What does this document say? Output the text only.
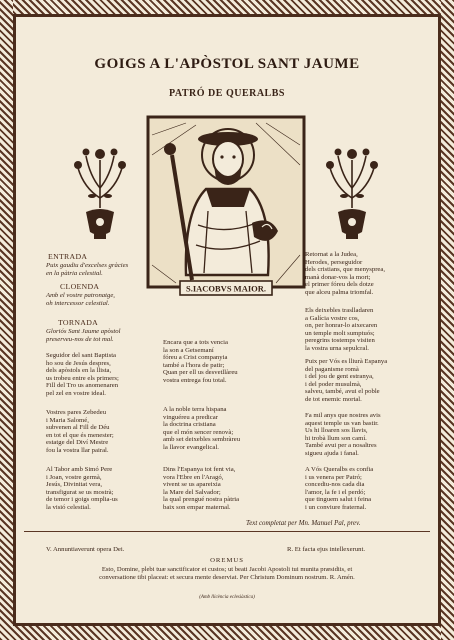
GOIGS A L'APÒSTOL SANT JAUME
PATRÓ DE QUERALBS
S.IACOBVS MAIOR.
ENTRADA
Puix gaudiu d'excelses gràcies
en la pàtria celestial.
CLOENDA
Amb el vostre patronatge,
oh intercessor celestial.
TORNADA
Gloriós Sant Jaume apòstol
preserveu-nos de tot mal.
Seguidor del sant Baptista
ho sou de Jesús despres,
dels apòstols en la llista,
us trobeu entre els primers;
Fill del Tro us anomenaren
pel zel en vostre ideal.
Vostres pares Zebedeu
i Maria Salomé,
subvenen al Fill de Déu
en tot el que és menester;
estatge del Diví Mestre
fou la vostra llar pairal.
Al Tabor amb Simó Pere
i Joan, vostre germà,
Jesús, Divinitat vera,
transfigurat se us mostrà;
de temor i goigs omplia-us
la visió celestial.
Encara que a tots vencia
la son a Getsemaní
fóreu a Crist companyia
també a l'hora de patir;
Quan per ell us desvetllàreu
vostra entrega fou total.
A la noble terra hispana
vinguéreu a predicar
la doctrina cristiana
que el món sencer renovà;
amb set deixebles sembràreu
la llavor evangelical.
Dins l'Espanya tot fent via,
vora l'Ebre en l'Aragó,
vivent se us apareixia
la Mare del Salvador;
la qual prengué nostra pàtria
baix son empar maternal.
Retornat a la Judea,
Herodes, perseguidor
dels cristians, que menysprea,
manà donar-vos la mort;
el primer fóreu dels dotze
que alceu palma triomfal.
Els deixebles traslladaren
a Galícia vostre cos,
on, per honrar-lo aixecaren
un temple molt sumptuós;
peregrins tostemps visiten
la vostra urna sepulcral.
Puix per Vós es lliurà Espanya
del paganisme romà
i del jou de gent estranya,
i del poder musulmà,
salveu, també, avui el poble
de tot enemic mortal.
Fa mil anys que nostres avis
aquest temple us van bastir.
Us hi lloaren sos llavis,
hi trobà llum son camí.
També avui per a nosaltres
sigueu ajuda i fanal.
A Vós Queralbs es confia
i us venera per Patró;
concediu-nos cada dia
l'amor, la fe i el perdó;
que tinguem salut i feina
i un conviure fraternal.
Text completat per Mn. Manuel Pal, prev.
V. Annuntiaverunt opera Dei.	R. Et facta ejus intellexerunt.
OREMUS
Esto, Domine, plebi tuæ sanctificator et custos; ut beati Jacobi Apostoli tui munita præsidiis, et
conversatione tibi placeat: et secura mente deserviat. Per Christum Dominum nostrum. R. Amén.
(Amb llicència eclesiàstica)
